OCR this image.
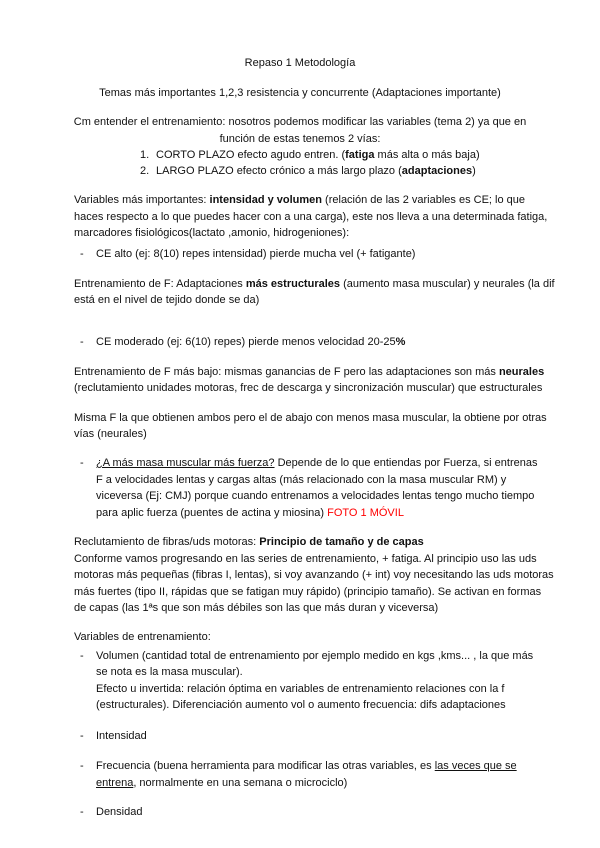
Repaso 1 Metodología
Temas más importantes 1,2,3 resistencia y concurrente (Adaptaciones importante)
Cm entender el entrenamiento: nosotros podemos modificar las variables (tema 2) ya que en
función de estas tenemos 2 vías:
1. CORTO PLAZO efecto agudo entren. (fatiga más alta o más baja)
2. LARGO PLAZO efecto crónico a más largo plazo (adaptaciones)
Variables más importantes: intensidad y volumen (relación de las 2 variables es CE; lo que
haces respecto a lo que puedes hacer con a una carga), este nos lleva a una determinada fatiga,
marcadores fisiológicos(lactato ,amonio, hidrogeniones):
- CE alto (ej: 8(10) repes intensidad) pierde mucha vel (+ fatigante)
Entrenamiento de F: Adaptaciones más estructurales (aumento masa muscular) y neurales (la dif
está en el nivel de tejido donde se da)
- CE moderado (ej: 6(10) repes) pierde menos velocidad 20-25%
Entrenamiento de F más bajo: mismas ganancias de F pero las adaptaciones son más neurales
(reclutamiento unidades motoras, frec de descarga y sincronización muscular) que estructurales
Misma F la que obtienen ambos pero el de abajo con menos masa muscular, la obtiene por otras
vías (neurales)
- ¿A más masa muscular más fuerza? Depende de lo que entiendas por Fuerza, si entrenas
F a velocidades lentas y cargas altas (más relacionado con la masa muscular RM) y
viceversa (Ej: CMJ) porque cuando entrenamos a velocidades lentas tengo mucho tiempo
para aplic fuerza (puentes de actina y miosina) FOTO 1 MÓVIL
Reclutamiento de fibras/uds motoras: Principio de tamaño y de capas
Conforme vamos progresando en las series de entrenamiento, + fatiga. Al principio uso las uds
motoras más pequeñas (fibras I, lentas), si voy avanzando (+ int) voy necesitando las uds motoras
más fuertes (tipo II, rápidas que se fatigan muy rápido) (principio tamaño). Se activan en formas
de capas (las 1ªs que son más débiles son las que más duran y viceversa)
Variables de entrenamiento:
- Volumen (cantidad total de entrenamiento por ejemplo medido en kgs ,kms... , la que más
se nota es la masa muscular).
Efecto u invertida: relación óptima en variables de entrenamiento relaciones con la f
(estructurales). Diferenciación aumento vol o aumento frecuencia: difs adaptaciones
- Intensidad
- Frecuencia (buena herramienta para modificar las otras variables, es las veces que se
entrena, normalmente en una semana o microciclo)
- Densidad
